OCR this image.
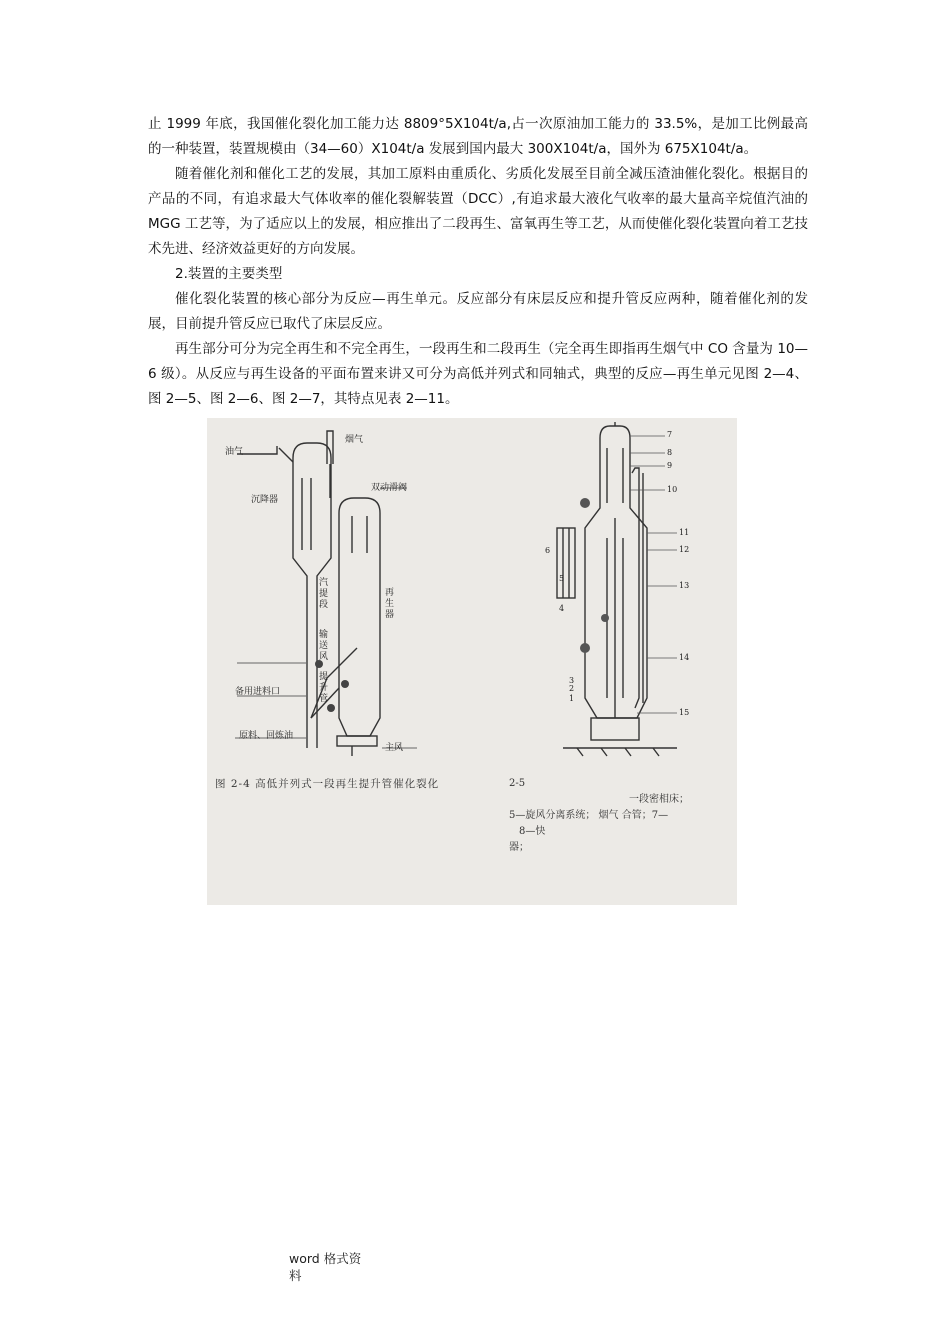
止 1999 年底，我国催化裂化加工能力达 8809°5X104t/a,占一次原油加工能力的 33.5%，是加工比例最高的一种装置，装置规模由（34—60）X104t/a 发展到国内最大 300X104t/a，国外为 675X104t/a。

随着催化剂和催化工艺的发展，其加工原料由重质化、劣质化发展至目前全减压渣油催化裂化。根据目的产品的不同，有追求最大气体收率的催化裂解装置（DCC）,有追求最大液化气收率的最大量高辛烷值汽油的 MGG 工艺等，为了适应以上的发展，相应推出了二段再生、富氧再生等工艺，从而使催化裂化装置向着工艺技术先进、经济效益更好的方向发展。

2.装置的主要类型

催化裂化装置的核心部分为反应—再生单元。反应部分有床层反应和提升管反应两种，随着催化剂的发展，目前提升管反应已取代了床层反应。

再生部分可分为完全再生和不完全再生，一段再生和二段再生（完全再生即指再生烟气中 CO 含量为 10—6 级）。从反应与再生设备的平面布置来讲又可分为高低并列式和同轴式，典型的反应—再生单元见图 2—4、图 2—5、图 2—6、图 2—7，其特点见表 2—11。

油气
沉降器
烟气
双动滑阀
汽提段
再生器
输送风
提升管
备用进料口
原料、回炼油
主风
7
8
9
10
11
12
13
14
15
6
5
4
3
2
1
图 2-4 高低并列式一段再生提升管催化裂化	2-5
一段密相床；
5—旋风分离系统； 烟气 合管；7—
8—快
器；
word 格式资
料
